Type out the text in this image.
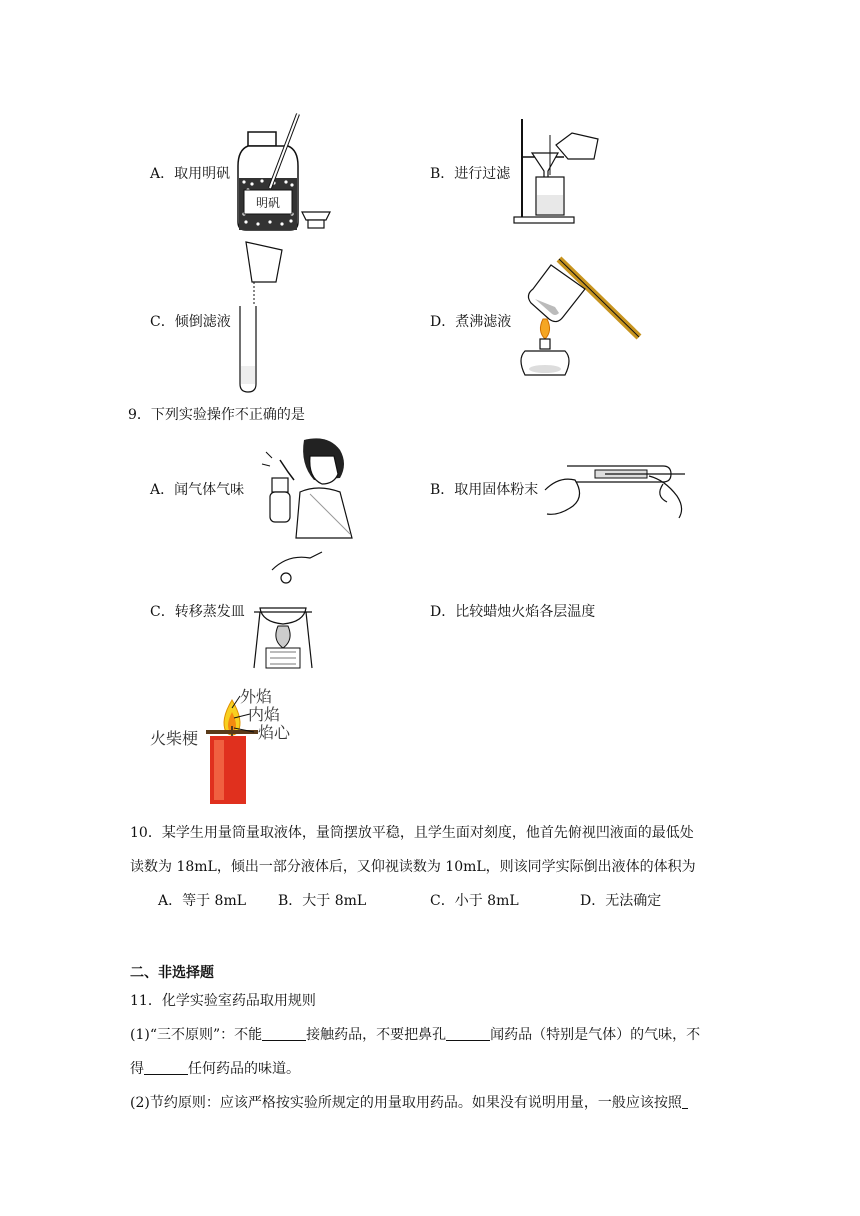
A．取用明矾	B．进行过滤
C．倾倒滤液	D．煮沸滤液
明矾
9．下列实验操作不正确的是
A．闻气体气味	B．取用固体粉末
C．转移蒸发皿	D．比较蜡烛火焰各层温度
外焰
内焰
焰心
火柴梗
10．某学生用量筒量取液体，量筒摆放平稳，且学生面对刻度，他首先俯视凹液面的最低处
读数为 18mL，倾出一部分液体后，又仰视读数为 10mL，则该同学实际倒出液体的体积为
A．等于 8mL B．大于 8mL	C．小于 8mL	D．无法确定
二、非选择题
11．化学实验室药品取用规则
(1)“三不原则”：不能	接触药品，不要把鼻孔	闻药品（特别是气体）的气味，不
得	任何药品的味道。
(2)节约原则：应该严格按实验所规定的用量取用药品。如果没有说明用量，一般应该按照
